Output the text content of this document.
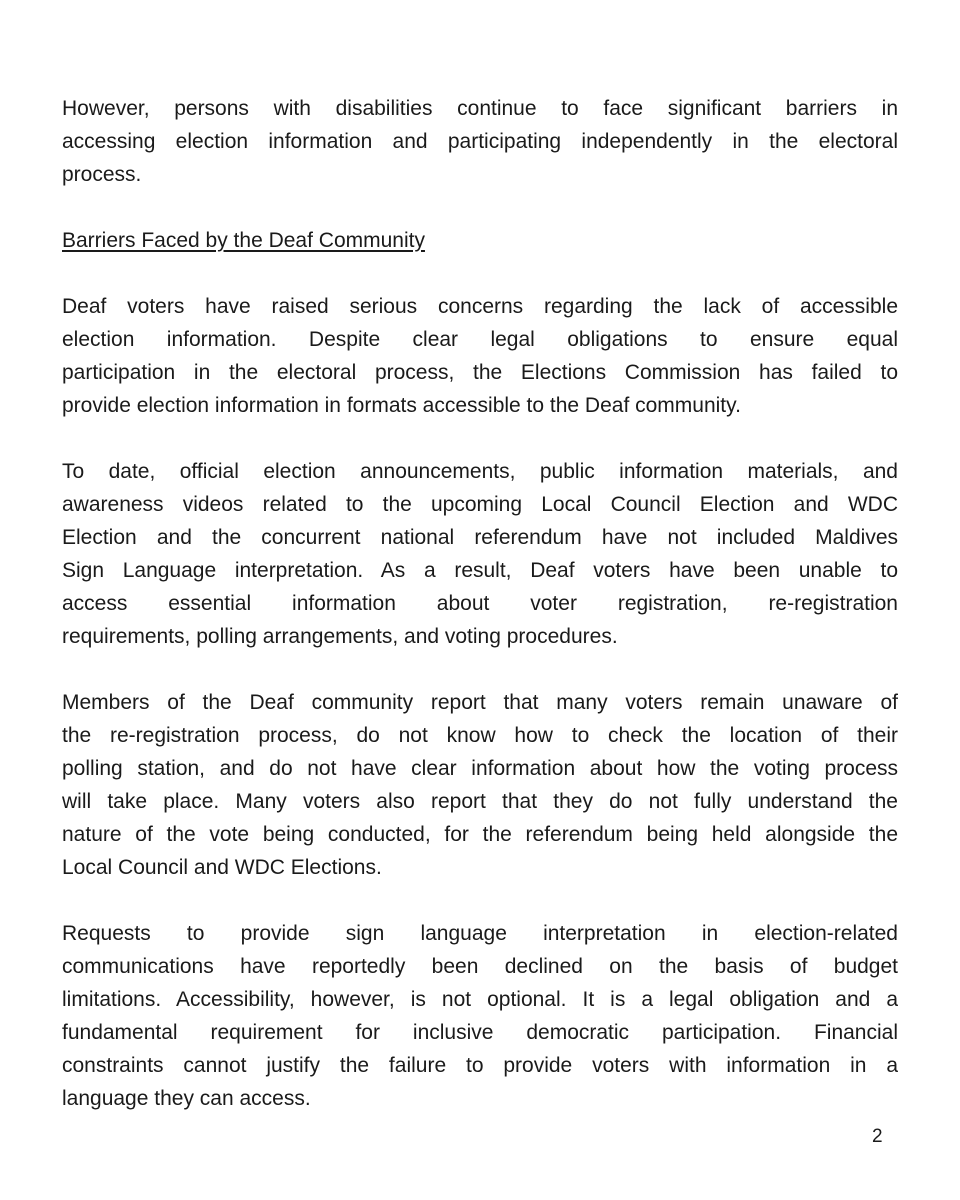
However, persons with disabilities continue to face significant barriers in
accessing election information and participating independently in the electoral
process.
Barriers Faced by the Deaf Community
Deaf voters have raised serious concerns regarding the lack of accessible
election information. Despite clear legal obligations to ensure equal
participation in the electoral process, the Elections Commission has failed to
provide election information in formats accessible to the Deaf community.
To date, official election announcements, public information materials, and
awareness videos related to the upcoming Local Council Election and WDC
Election and the concurrent national referendum have not included Maldives
Sign Language interpretation. As a result, Deaf voters have been unable to
access essential information about voter registration, re-registration
requirements, polling arrangements, and voting procedures.
Members of the Deaf community report that many voters remain unaware of
the re-registration process, do not know how to check the location of their
polling station, and do not have clear information about how the voting process
will take place. Many voters also report that they do not fully understand the
nature of the vote being conducted, for the referendum being held alongside the
Local Council and WDC Elections.
Requests to provide sign language interpretation in election-related
communications have reportedly been declined on the basis of budget
limitations. Accessibility, however, is not optional. It is a legal obligation and a
fundamental requirement for inclusive democratic participation. Financial
constraints cannot justify the failure to provide voters with information in a
language they can access.
2
